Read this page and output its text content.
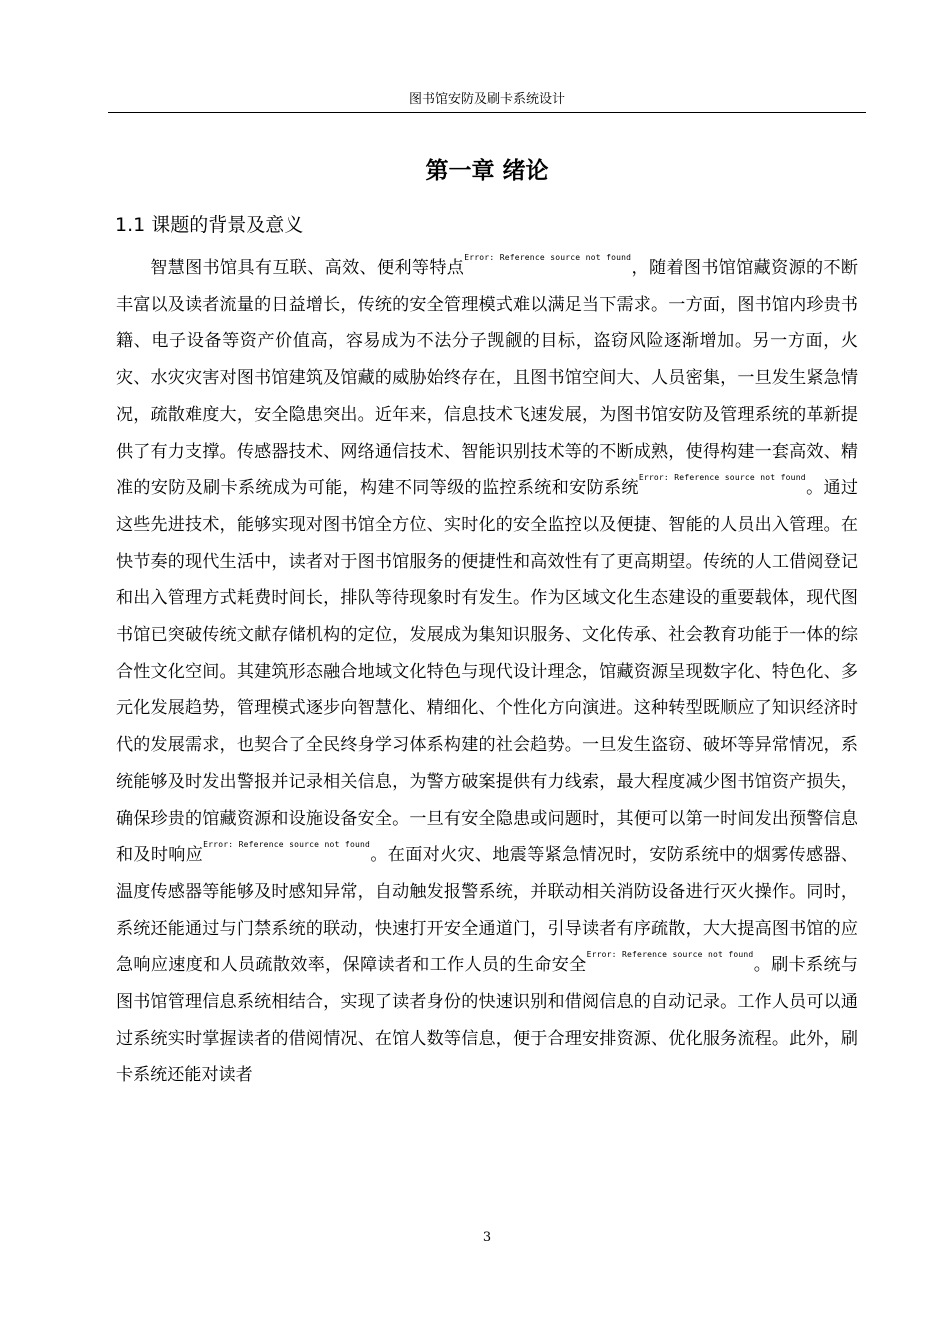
图书馆安防及刷卡系统设计
第一章 绪论
1.1 课题的背景及意义

智慧图书馆具有互联、高效、便利等特点$^{Error: Reference source not found}$，随着图书馆馆藏资源的不断丰富以及读者流量的日益增长，传统的安全管理模式难以满足当下需求。一方面，图书馆内珍贵书籍、电子设备等资产价值高，容易成为不法分子觊觎的目标，盗窃风险逐渐增加。另一方面，火灾、水灾灾害对图书馆建筑及馆藏的威胁始终存在，且图书馆空间大、人员密集，一旦发生紧急情况，疏散难度大，安全隐患突出。近年来，信息技术飞速发展，为图书馆安防及管理系统的革新提供了有力支撑。传感器技术、网络通信技术、智能识别技术等的不断成熟，使得构建一套高效、精准的安防及刷卡系统成为可能，构建不同等级的监控系统和安防系统$^{Error: Reference source not found}$。通过这些先进技术，能够实现对图书馆全方位、实时化的安全监控以及便捷、智能的人员出入管理。在快节奏的现代生活中，读者对于图书馆服务的便捷性和高效性有了更高期望。传统的人工借阅登记和出入管理方式耗费时间长，排队等待现象时有发生。作为区域文化生态建设的重要载体，现代图书馆已突破传统文献存储机构的定位，发展成为集知识服务、文化传承、社会教育功能于一体的综合性文化空间。其建筑形态融合地域文化特色与现代设计理念，馆藏资源呈现数字化、特色化、多元化发展趋势，管理模式逐步向智慧化、精细化、个性化方向演进。这种转型既顺应了知识经济时代的发展需求，也契合了全民终身学习体系构建的社会趋势。一旦发生盗窃、破坏等异常情况，系统能够及时发出警报并记录相关信息，为警方破案提供有力线索，最大程度减少图书馆资产损失，确保珍贵的馆藏资源和设施设备安全。一旦有安全隐患或问题时，其便可以第一时间发出预警信息和及时响应$^{Error: Reference source not found}$。在面对火灾、地震等紧急情况时，安防系统中的烟雾传感器、温度传感器等能够及时感知异常，自动触发报警系统，并联动相关消防设备进行灭火操作。同时，系统还能通过与门禁系统的联动，快速打开安全通道门，引导读者有序疏散，大大提高图书馆的应急响应速度和人员疏散效率，保障读者和工作人员的生命安全$^{Error: Reference source not found}$。刷卡系统与图书馆管理信息系统相结合，实现了读者身份的快速识别和借阅信息的自动记录。工作人员可以通过系统实时掌握读者的借阅情况、在馆人数等信息，便于合理安排资源、优化服务流程。此外，刷卡系统还能对读者

3
